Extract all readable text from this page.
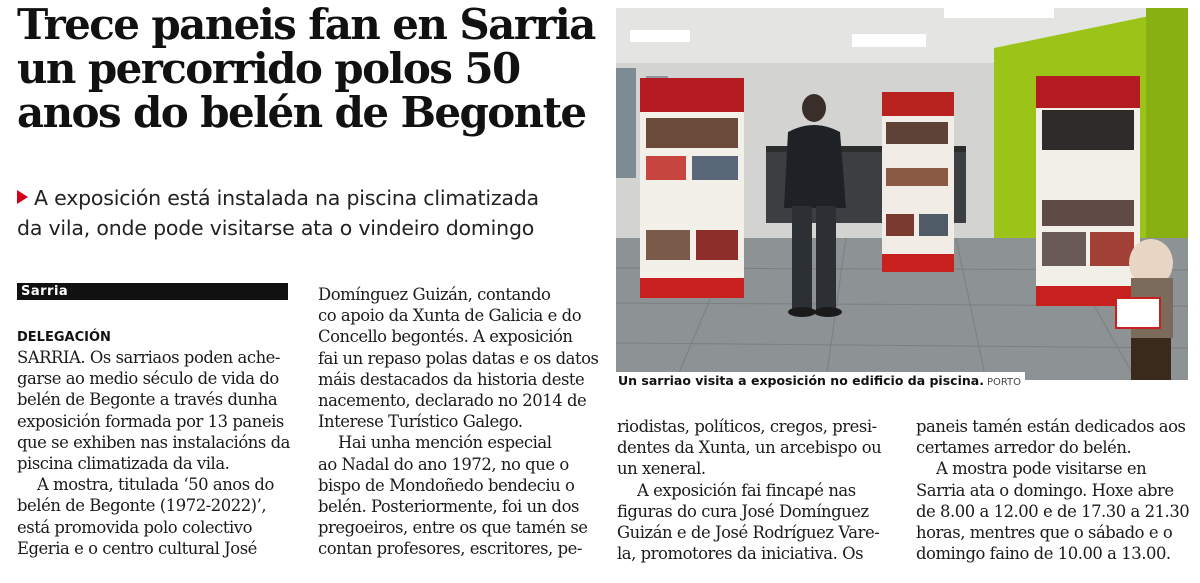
Trece paneis fan en Sarria
un percorrido polos 50
anos do belén de Begonte
A exposición está instalada na piscina climatizada
da vila, onde pode visitarse ata o vindeiro domingo
Sarria
DELEGACIÓN
SARRIA. Os sarriaos poden ache-
garse ao medio século de vida do
belén de Begonte a través dunha
exposición formada por 13 paneis
que se exhiben nas instalacións da
piscina climatizada da vila.
A mostra, titulada ‘50 anos do
belén de Begonte (1972-2022)’,
está promovida polo colectivo
Egeria e o centro cultural José
Domínguez Guizán, contando
co apoio da Xunta de Galicia e do
Concello begontés. A exposición
fai un repaso polas datas e os datos
máis destacados da historia deste
nacemento, declarado no 2014 de
Interese Turístico Galego.
Hai unha mención especial
ao Nadal do ano 1972, no que o
bispo de Mondoñedo bendeciu o
belén. Posteriormente, foi un dos
pregoeiros, entre os que tamén se
contan profesores, escritores, pe-
riodistas, políticos, cregos, presi-
dentes da Xunta, un arcebispo ou
un xeneral.
A exposición fai fincapé nas
figuras do cura José Domínguez
Guizán e de José Rodríguez Vare-
la, promotores da iniciativa. Os
paneis tamén están dedicados aos
certames arredor do belén.
A mostra pode visitarse en
Sarria ata o domingo. Hoxe abre
de 8.00 a 12.00 e de 17.30 a 21.30
horas, mentres que o sábado e o
domingo faino de 10.00 a 13.00.
Un sarriao visita a exposición no edificio da piscina. PORTO
